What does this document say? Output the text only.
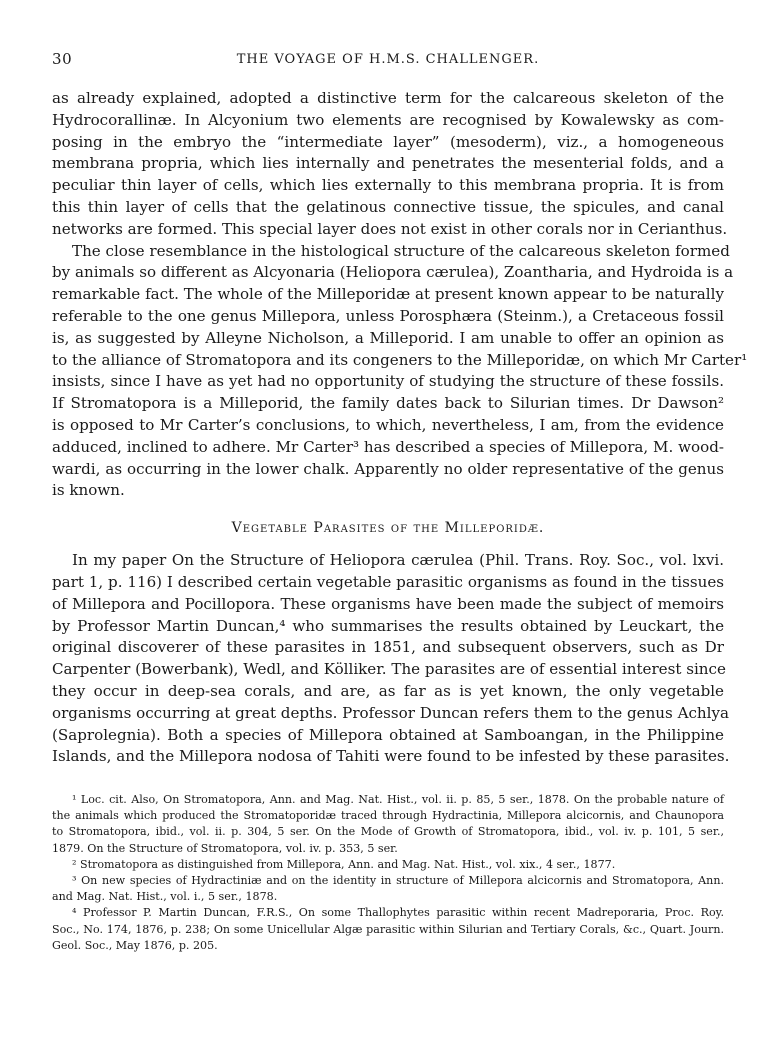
30	THE VOYAGE OF H.M.S. CHALLENGER.
as already explained, adopted a distinctive term for the calcareous skeleton of the
Hydrocorallinæ. In Alcyonium two elements are recognised by Kowalewsky as com-
posing in the embryo the “intermediate layer” (mesoderm), viz., a homogeneous
membrana propria, which lies internally and penetrates the mesenterial folds, and a
peculiar thin layer of cells, which lies externally to this membrana propria. It is from
this thin layer of cells that the gelatinous connective tissue, the spicules, and canal
networks are formed. This special layer does not exist in other corals nor in Cerianthus.
The close resemblance in the histological structure of the calcareous skeleton formed
by animals so different as Alcyonaria (Heliopora cærulea), Zoantharia, and Hydroida is a
remarkable fact. The whole of the Milleporidæ at present known appear to be naturally
referable to the one genus Millepora, unless Porosphæra (Steinm.), a Cretaceous fossil
is, as suggested by Alleyne Nicholson, a Milleporid. I am unable to offer an opinion as
to the alliance of Stromatopora and its congeners to the Milleporidæ, on which Mr Carter¹
insists, since I have as yet had no opportunity of studying the structure of these fossils.
If Stromatopora is a Milleporid, the family dates back to Silurian times. Dr Dawson²
is opposed to Mr Carter’s conclusions, to which, nevertheless, I am, from the evidence
adduced, inclined to adhere. Mr Carter³ has described a species of Millepora, M. wood-
wardi, as occurring in the lower chalk. Apparently no older representative of the genus
is known.
Vegetable Parasites of the Milleporidæ.
In my paper On the Structure of Heliopora cærulea (Phil. Trans. Roy. Soc., vol. lxvi.
part 1, p. 116) I described certain vegetable parasitic organisms as found in the tissues
of Millepora and Pocillopora. These organisms have been made the subject of memoirs
by Professor Martin Duncan,⁴ who summarises the results obtained by Leuckart, the
original discoverer of these parasites in 1851, and subsequent observers, such as Dr
Carpenter (Bowerbank), Wedl, and Kölliker. The parasites are of essential interest since
they occur in deep-sea corals, and are, as far as is yet known, the only vegetable
organisms occurring at great depths. Professor Duncan refers them to the genus Achlya
(Saprolegnia). Both a species of Millepora obtained at Samboangan, in the Philippine
Islands, and the Millepora nodosa of Tahiti were found to be infested by these parasites.
¹ Loc. cit. Also, On Stromatopora, Ann. and Mag. Nat. Hist., vol. ii. p. 85, 5 ser., 1878. On the probable nature of
the animals which produced the Stromatoporidæ traced through Hydractinia, Millepora alcicornis, and Chaunopora
to Stromatopora, ibid., vol. ii. p. 304, 5 ser. On the Mode of Growth of Stromatopora, ibid., vol. iv. p. 101, 5 ser.,
1879. On the Structure of Stromatopora, vol. iv. p. 353, 5 ser.
² Stromatopora as distinguished from Millepora, Ann. and Mag. Nat. Hist., vol. xix., 4 ser., 1877.
³ On new species of Hydractiniæ and on the identity in structure of Millepora alcicornis and Stromatopora, Ann.
and Mag. Nat. Hist., vol. i., 5 ser., 1878.
⁴ Professor P. Martin Duncan, F.R.S., On some Thallophytes parasitic within recent Madreporaria, Proc. Roy.
Soc., No. 174, 1876, p. 238; On some Unicellular Algæ parasitic within Silurian and Tertiary Corals, &c., Quart. Journ.
Geol. Soc., May 1876, p. 205.
